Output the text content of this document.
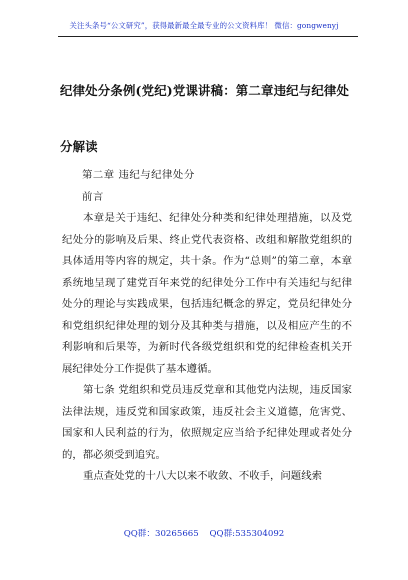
关注头条号“公文研究”，获得最新最全最专业的公文资料库！ 微信：gongwenyj
纪律处分条例(党纪)党课讲稿：第二章违纪与纪律处分解读

第二章 违纪与纪律处分

前言

本章是关于违纪、纪律处分种类和纪律处理措施，以及党纪处分的影响及后果、终止党代表资格、改组和解散党组织的具体适用等内容的规定，共十条。作为“总则”的第二章，本章系统地呈现了建党百年来党的纪律处分工作中有关违纪与纪律处分的理论与实践成果，包括违纪概念的界定，党员纪律处分和党组织纪律处理的划分及其种类与措施，以及相应产生的不利影响和后果等，为新时代各级党组织和党的纪律检查机关开展纪律处分工作提供了基本遵循。

第七条 党组织和党员违反党章和其他党内法规，违反国家法律法规，违反党和国家政策，违反社会主义道德，危害党、国家和人民利益的行为，依照规定应当给予纪律处理或者处分的，都必须受到追究。

重点查处党的十八大以来不收敛、不收手，问题线索

QQ群：30265665 QQ群:535304092
